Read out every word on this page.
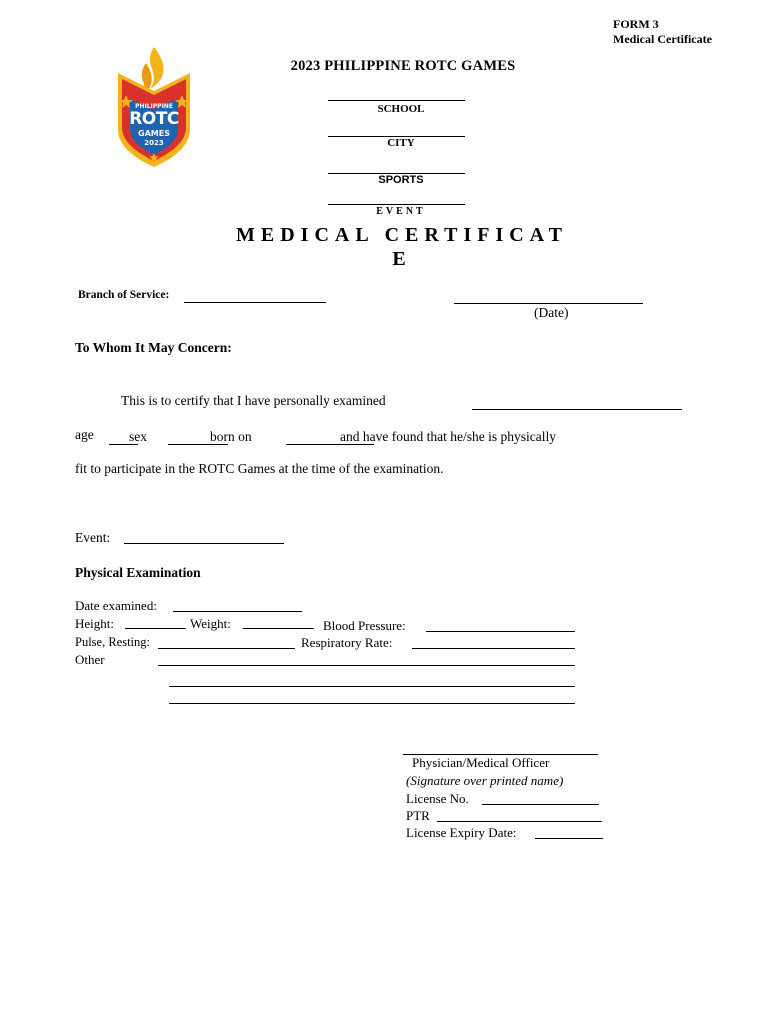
FORM 3
Medical Certificate
PHILIPPINE
ROTC
GAMES
2023
2023 PHILIPPINE ROTC GAMES
SCHOOL
CITY
SPORTS
EVENT
MEDICAL CERTIFICAT
E
Branch of Service:
(Date)
To Whom It May Concern:
This is to certify that I have personally examined
age	sex	born on	and have found that he/she is physically
fit to participate in the ROTC Games at the time of the examination.
Event:
Physical Examination
Date examined:
Height:	Weight:	Blood Pressure:
Pulse, Resting:	Respiratory Rate:
Other
Physician/Medical Officer
(Signature over printed name)
License No.
PTR
License Expiry Date:
